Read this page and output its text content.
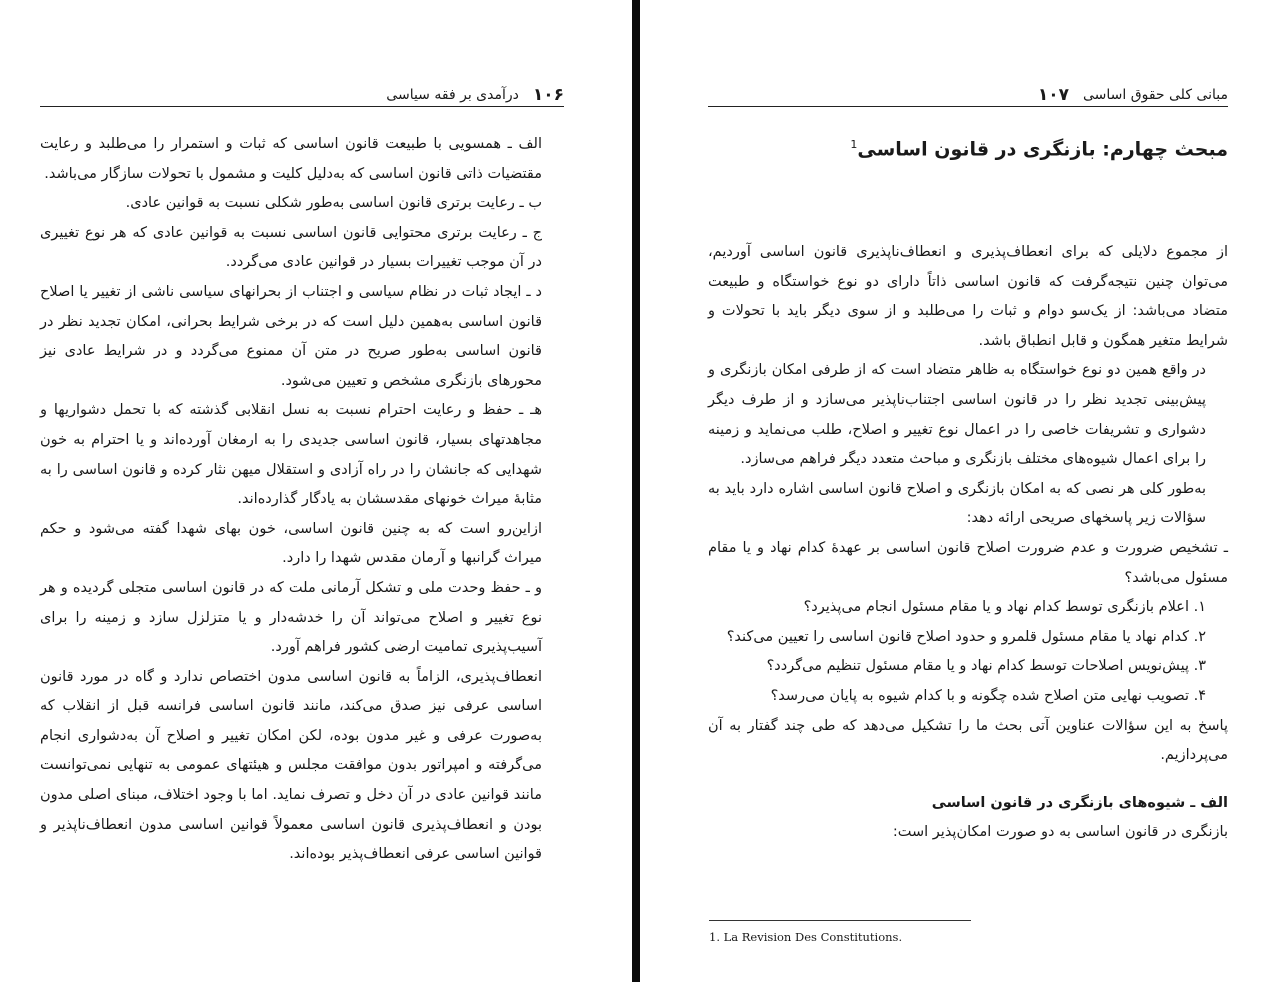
۱۰۶
درآمدی بر فقه سیاسی

الف ـ همسویی با طبیعت قانون اساسی که ثبات و استمرار را می‌طلبد و رعایت مقتضیات ذاتی قانون اساسی که به‌دلیل کلیت و مشمول با تحولات سازگار می‌باشد.

ب ـ رعایت برتری قانون اساسی به‌طور شکلی نسبت به قوانین عادی.

ج ـ رعایت برتری محتوایی قانون اساسی نسبت به قوانین عادی که هر نوع تغییری در آن موجب تغییرات بسیار در قوانین عادی می‌گردد.

د ـ ایجاد ثبات در نظام سیاسی و اجتناب از بحرانهای سیاسی ناشی از تغییر یا اصلاح قانون اساسی به‌همین دلیل است که در برخی شرایط بحرانی، امکان تجدید نظر در قانون اساسی به‌طور صریح در متن آن ممنوع می‌گردد و در شرایط عادی نیز محورهای بازنگری مشخص و تعیین می‌شود.

هـ ـ حفظ و رعایت احترام نسبت به نسل انقلابی گذشته که با تحمل دشواریها و مجاهدتهای بسیار، قانون اساسی جدیدی را به ارمغان آورده‌اند و یا احترام به خون شهدایی که جانشان را در راه آزادی و استقلال میهن نثار کرده و قانون اساسی را به مثابهٔ میراث خونهای مقدسشان به یادگار گذارده‌اند.

ازاین‌رو است که به چنین قانون اساسی، خون بهای شهدا گفته می‌شود و حکم میراث گرانبها و آرمان مقدس شهدا را دارد.

و ـ حفظ وحدت ملی و تشکل آرمانی ملت که در قانون اساسی متجلی گردیده و هر نوع تغییر و اصلاح می‌تواند آن را خدشه‌دار و یا متزلزل سازد و زمینه را برای آسیب‌پذیری تمامیت ارضی کشور فراهم آورد.

انعطاف‌پذیری، الزاماً به قانون اساسی مدون اختصاص ندارد و گاه در مورد قانون اساسی عرفی نیز صدق می‌کند، مانند قانون اساسی فرانسه قبل از انقلاب که به‌صورت عرفی و غیر مدون بوده، لکن امکان تغییر و اصلاح آن به‌دشواری انجام می‌گرفته و امپراتور بدون موافقت مجلس و هیئتهای عمومی به تنهایی نمی‌توانست مانند قوانین عادی در آن دخل و تصرف نماید. اما با وجود اختلاف، مبنای اصلی مدون بودن و انعطاف‌پذیری قانون اساسی معمولاً قوانین اساسی مدون انعطاف‌ناپذیر و قوانین اساسی عرفی انعطاف‌پذیر بوده‌اند.

مبانی کلی حقوق اساسی
۱۰۷
مبحث چهارم: بازنگری در قانون اساسی$^1$

از مجموع دلایلی که برای انعطاف‌پذیری و انعطاف‌ناپذیری قانون اساسی آوردیم، می‌توان چنین نتیجه‌گرفت که قانون اساسی ذاتاً دارای دو نوع خواستگاه و طبیعت متضاد می‌باشد: از یک‌سو دوام و ثبات را می‌طلبد و از سوی دیگر باید با تحولات و شرایط متغیر همگون و قابل انطباق باشد.

در واقع همین دو نوع خواستگاه به ظاهر متضاد است که از طرفی امکان بازنگری و پیش‌بینی تجدید نظر را در قانون اساسی اجتناب‌ناپذیر می‌سازد و از طرف دیگر دشواری و تشریفات خاصی را در اعمال نوع تغییر و اصلاح، طلب می‌نماید و زمینه را برای اعمال شیوه‌های مختلف بازنگری و مباحث متعدد دیگر فراهم می‌سازد.

به‌طور کلی هر نصی که به امکان بازنگری و اصلاح قانون اساسی اشاره دارد باید به سؤالات زیر پاسخهای صریحی ارائه دهد:

ـ تشخیص ضرورت و عدم ضرورت اصلاح قانون اساسی بر عهدهٔ کدام نهاد و یا مقام مسئول می‌باشد؟

۱. اعلام بازنگری توسط کدام نهاد و یا مقام مسئول انجام می‌پذیرد؟

۲. کدام نهاد یا مقام مسئول قلمرو و حدود اصلاح قانون اساسی را تعیین می‌کند؟

۳. پیش‌نویس اصلاحات توسط کدام نهاد و یا مقام مسئول تنظیم می‌گردد؟

۴. تصویب نهایی متن اصلاح شده چگونه و با کدام شیوه به پایان می‌رسد؟

پاسخ به این سؤالات عناوین آتی بحث ما را تشکیل می‌دهد که طی چند گفتار به آن می‌پردازیم.

الف ـ شیوه‌های بازنگری در قانون اساسی

بازنگری در قانون اساسی به دو صورت امکان‌پذیر است:

1. La Revision Des Constitutions.
